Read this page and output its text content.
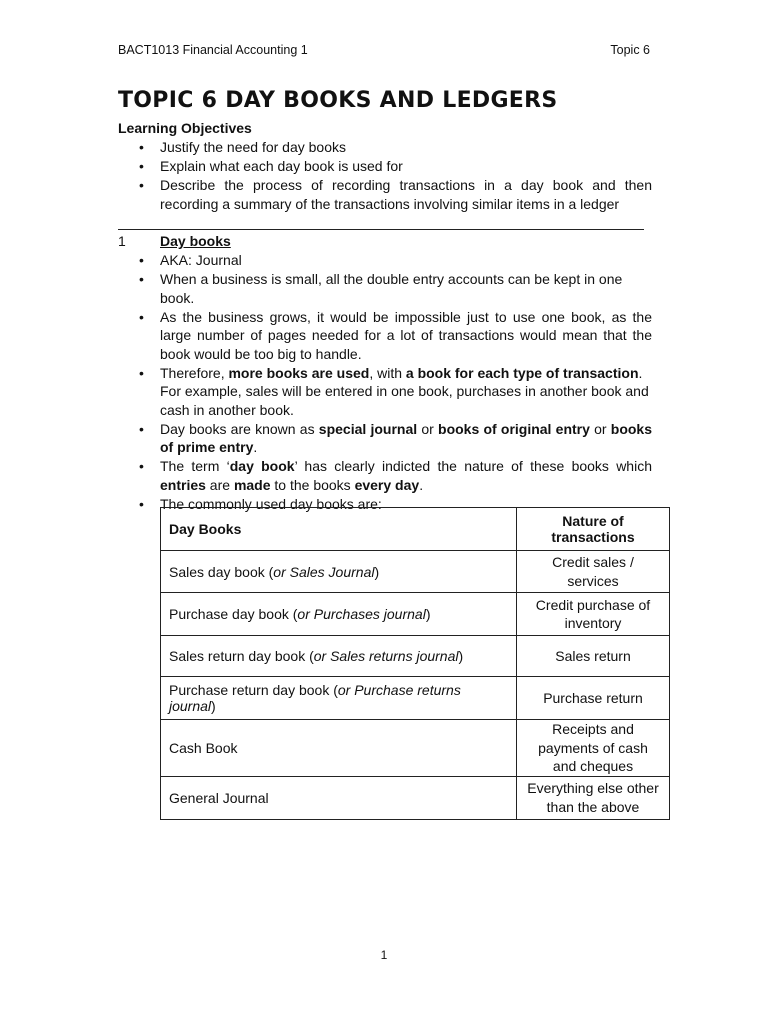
BACT1013 Financial Accounting 1	Topic 6
TOPIC 6 DAY BOOKS AND LEDGERS
Learning Objectives

• Justify the need for day books

• Explain what each day book is used for

• Describe the process of recording transactions in a day book and then recording a summary of the transactions involving similar items in a ledger

1 Day books

• AKA: Journal

• When a business is small, all the double entry accounts can be kept in one book.

• As the business grows, it would be impossible just to use one book, as the large number of pages needed for a lot of transactions would mean that the book would be too big to handle.

• Therefore, more books are used, with a book for each type of transaction.
For example, sales will be entered in one book, purchases in another book and cash in another book.

• Day books are known as special journal or books of original entry or books of prime entry.

• The term ‘day book’ has clearly indicted the nature of these books which entries are made to the books every day.

• The commonly used day books are:

Day Books	Nature of transactions
Sales day book (or Sales Journal)	Credit sales / services
Purchase day book (or Purchases journal)	Credit purchase of inventory
Sales return day book (or Sales returns journal)	Sales return
Purchase return day book (or Purchase returns journal)	Purchase return
Cash Book	Receipts and payments of cash and cheques
General Journal	Everything else other than the above
1
